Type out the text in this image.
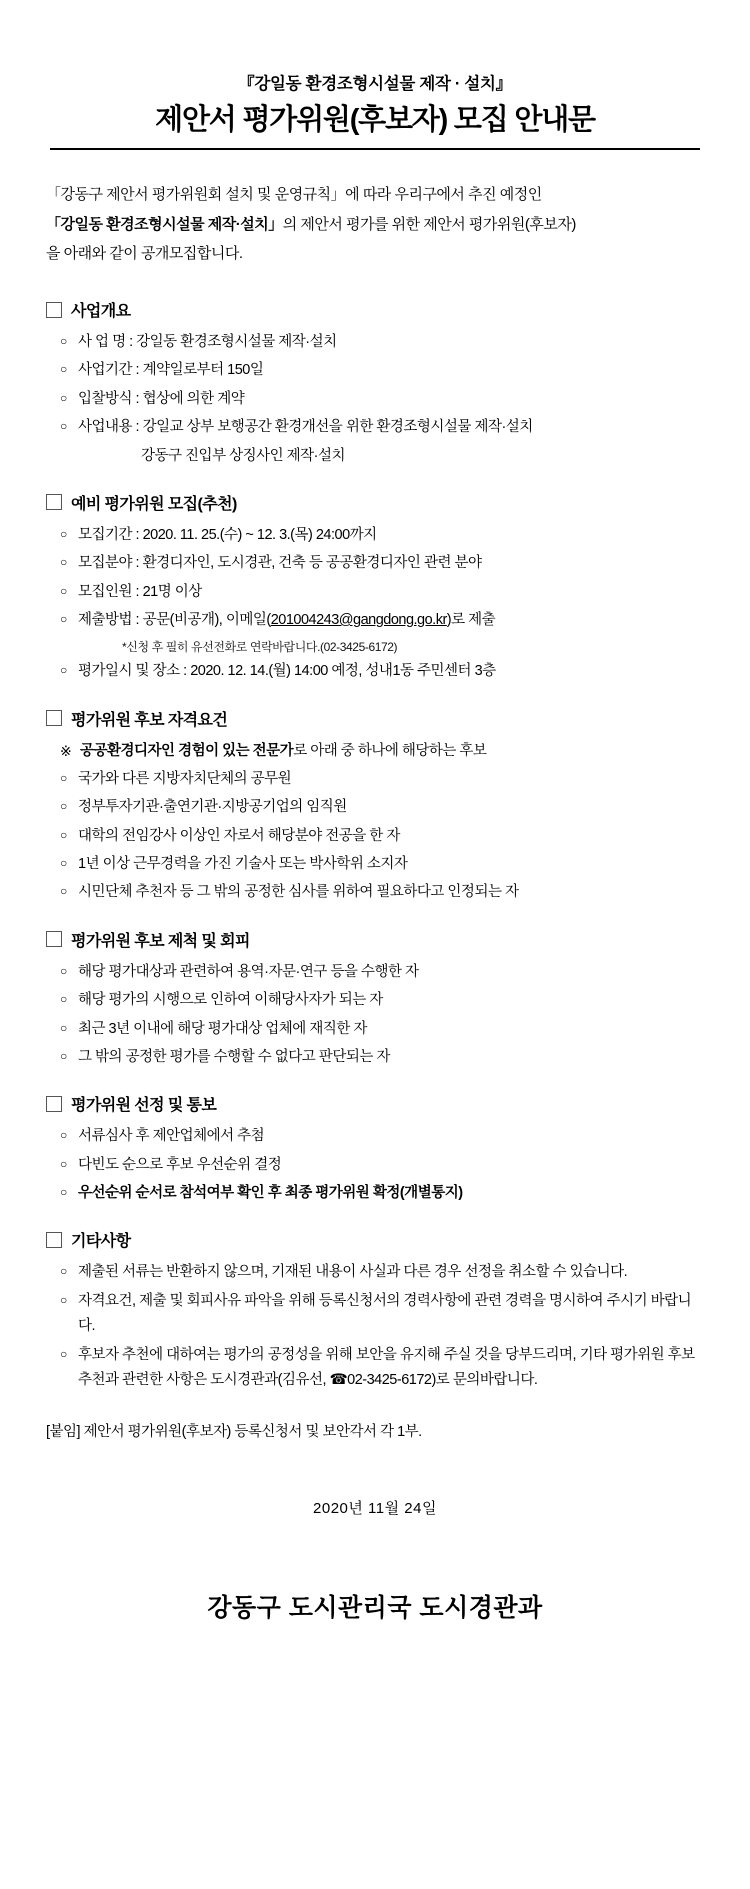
『강일동 환경조형시설물 제작 · 설치』
제안서 평가위원(후보자) 모집 안내문
「강동구 제안서 평가위원회 설치 및 운영규칙」에 따라 우리구에서 추진 예정인
「강일동 환경조형시설물 제작·설치」의 제안서 평가를 위한 제안서 평가위원(후보자)
을 아래와 같이 공개모집합니다.
사업개요
○ 사 업 명 : 강일동 환경조형시설물 제작·설치
○ 사업기간 : 계약일로부터 150일
○ 입찰방식 : 협상에 의한 계약
○ 사업내용 : 강일교 상부 보행공간 환경개선을 위한 환경조형시설물 제작·설치
강동구 진입부 상징사인 제작·설치
예비 평가위원 모집(추천)
○ 모집기간 : 2020. 11. 25.(수) ~ 12. 3.(목) 24:00까지
○ 모집분야 : 환경디자인, 도시경관, 건축 등 공공환경디자인 관련 분야
○ 모집인원 : 21명 이상
○ 제출방법 : 공문(비공개), 이메일(201004243@gangdong.go.kr)로 제출
*신청 후 필히 유선전화로 연락바랍니다.(02-3425-6172)
○ 평가일시 및 장소 : 2020. 12. 14.(월) 14:00 예정, 성내1동 주민센터 3층
평가위원 후보 자격요건
※ 공공환경디자인 경험이 있는 전문가로 아래 중 하나에 해당하는 후보
○ 국가와 다른 지방자치단체의 공무원
○ 정부투자기관·출연기관·지방공기업의 임직원
○ 대학의 전임강사 이상인 자로서 해당분야 전공을 한 자
○ 1년 이상 근무경력을 가진 기술사 또는 박사학위 소지자
○ 시민단체 추천자 등 그 밖의 공정한 심사를 위하여 필요하다고 인정되는 자
평가위원 후보 제척 및 회피
○ 해당 평가대상과 관련하여 용역·자문·연구 등을 수행한 자
○ 해당 평가의 시행으로 인하여 이해당사자가 되는 자
○ 최근 3년 이내에 해당 평가대상 업체에 재직한 자
○ 그 밖의 공정한 평가를 수행할 수 없다고 판단되는 자
평가위원 선정 및 통보
○ 서류심사 후 제안업체에서 추첨
○ 다빈도 순으로 후보 우선순위 결정
○ 우선순위 순서로 참석여부 확인 후 최종 평가위원 확정(개별통지)
기타사항
○ 제출된 서류는 반환하지 않으며, 기재된 내용이 사실과 다른 경우 선정을 취소할 수 있습니다.
○ 자격요건, 제출 및 회피사유 파악을 위해 등록신청서의 경력사항에 관련 경력을 명시하여 주시기 바랍니다.
○ 후보자 추천에 대하여는 평가의 공정성을 위해 보안을 유지해 주실 것을 당부드리며, 기타 평가위원 후보추천과 관련한 사항은 도시경관과(김유선, ☎02-3425-6172)로 문의바랍니다.
[붙임] 제안서 평가위원(후보자) 등록신청서 및 보안각서 각 1부.
2020년 11월 24일
강동구 도시관리국 도시경관과
